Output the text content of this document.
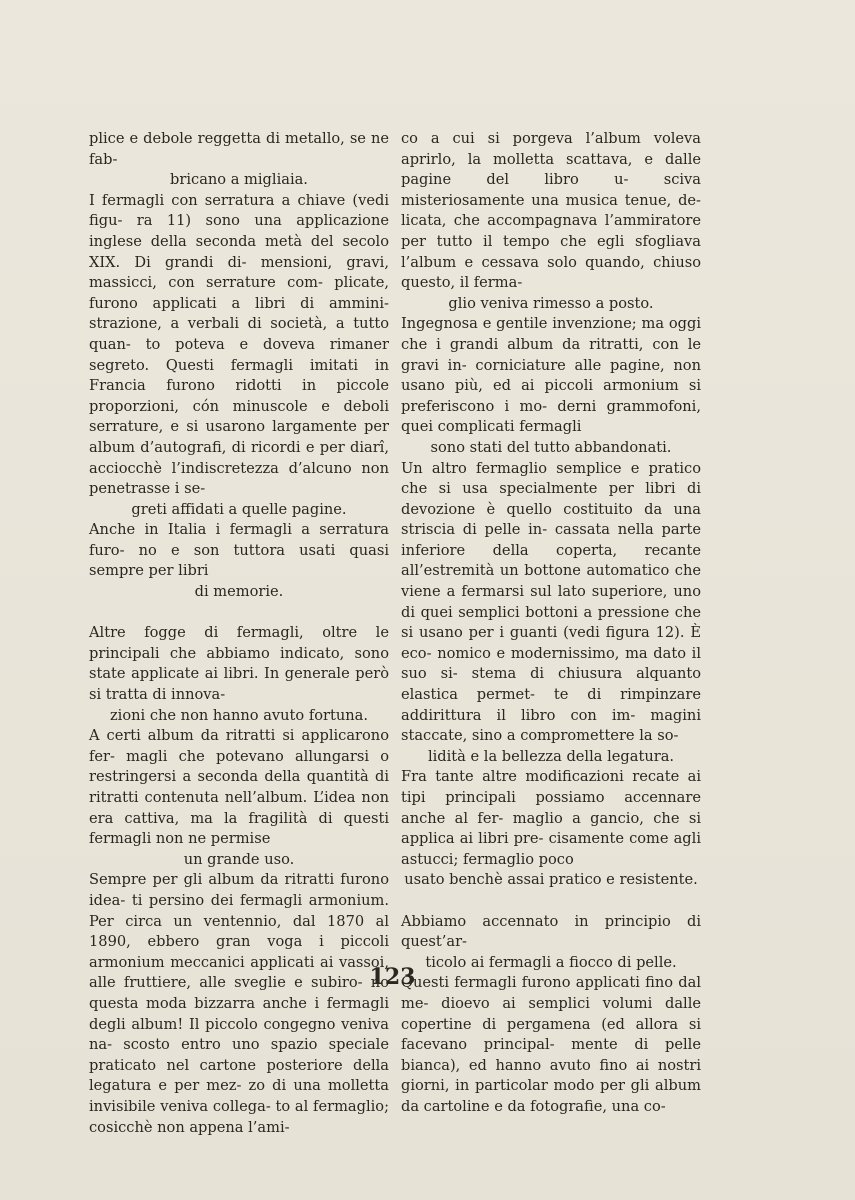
plice e debole reggetta di metallo, se ne fab-
bricano a migliaia.

I fermagli con serratura a chiave (vedi figu- ra 11) sono una applicazione inglese della seconda metà del secolo XIX. Di grandi di- mensioni, gravi, massicci, con serrature com- plicate, furono applicati a libri di ammini- strazione, a verbali di società, a tutto quan- to poteva e doveva rimaner segreto. Questi fermagli imitati in Francia furono ridotti in piccole proporzioni, cón minuscole e deboli serrature, e si usarono largamente per album d’autografi, di ricordi e per diarî, acciocchè l’indiscretezza d’alcuno non penetrasse i se-
greti affidati a quelle pagine.

Anche in Italia i fermagli a serratura furo- no e son tuttora usati quasi sempre per libri
di memorie.

Altre fogge di fermagli, oltre le principali che abbiamo indicato, sono state applicate ai libri. In generale però si tratta di innova-
zioni che non hanno avuto fortuna.

A certi album da ritratti si applicarono fer- magli che potevano allungarsi o restringersi a seconda della quantità di ritratti contenuta nell’album. L’idea non era cattiva, ma la fragilità di questi fermagli non ne permise
un grande uso.

Sempre per gli album da ritratti furono idea- ti persino dei fermagli armonium. Per circa un ventennio, dal 1870 al 1890, ebbero gran voga i piccoli armonium meccanici applicati ai vassoi, alle fruttiere, alle sveglie e subiro- no questa moda bizzarra anche i fermagli degli album! Il piccolo congegno veniva na- scosto entro uno spazio speciale praticato nel cartone posteriore della legatura e per mez- zo di una molletta invisibile veniva collega- to al fermaglio; cosicchè non appena l’ami-

co a cui si porgeva l’album voleva aprirlo, la molletta scattava, e dalle pagine del libro u- sciva misteriosamente una musica tenue, de- licata, che accompagnava l’ammiratore per tutto il tempo che egli sfogliava l’album e cessava solo quando, chiuso questo, il ferma-
glio veniva rimesso a posto.

Ingegnosa e gentile invenzione; ma oggi che i grandi album da ritratti, con le gravi in- corniciature alle pagine, non usano più, ed ai piccoli armonium si preferiscono i mo- derni grammofoni, quei complicati fermagli
sono stati del tutto abbandonati.

Un altro fermaglio semplice e pratico che si usa specialmente per libri di devozione è quello costituito da una striscia di pelle in- cassata nella parte inferiore della coperta, recante all’estremità un bottone automatico che viene a fermarsi sul lato superiore, uno di quei semplici bottoni a pressione che si usano per i guanti (vedi figura 12). È eco- nomico e modernissimo, ma dato il suo si- stema di chiusura alquanto elastica permet- te di rimpinzare addirittura il libro con im- magini staccate, sino a compromettere la so-
lidità e la bellezza della legatura.

Fra tante altre modificazioni recate ai tipi principali possiamo accennare anche al fer- maglio a gancio, che si applica ai libri pre- cisamente come agli astucci; fermaglio poco
usato benchè assai pratico e resistente.

Abbiamo accennato in principio di quest’ar-
ticolo ai fermagli a fiocco di pelle.

Questi fermagli furono applicati fino dal me- dioevo ai semplici volumi dalle copertine di pergamena (ed allora si facevano principal- mente di pelle bianca), ed hanno avuto fino ai nostri giorni, in particolar modo per gli album da cartoline e da fotografie, una co-

123
